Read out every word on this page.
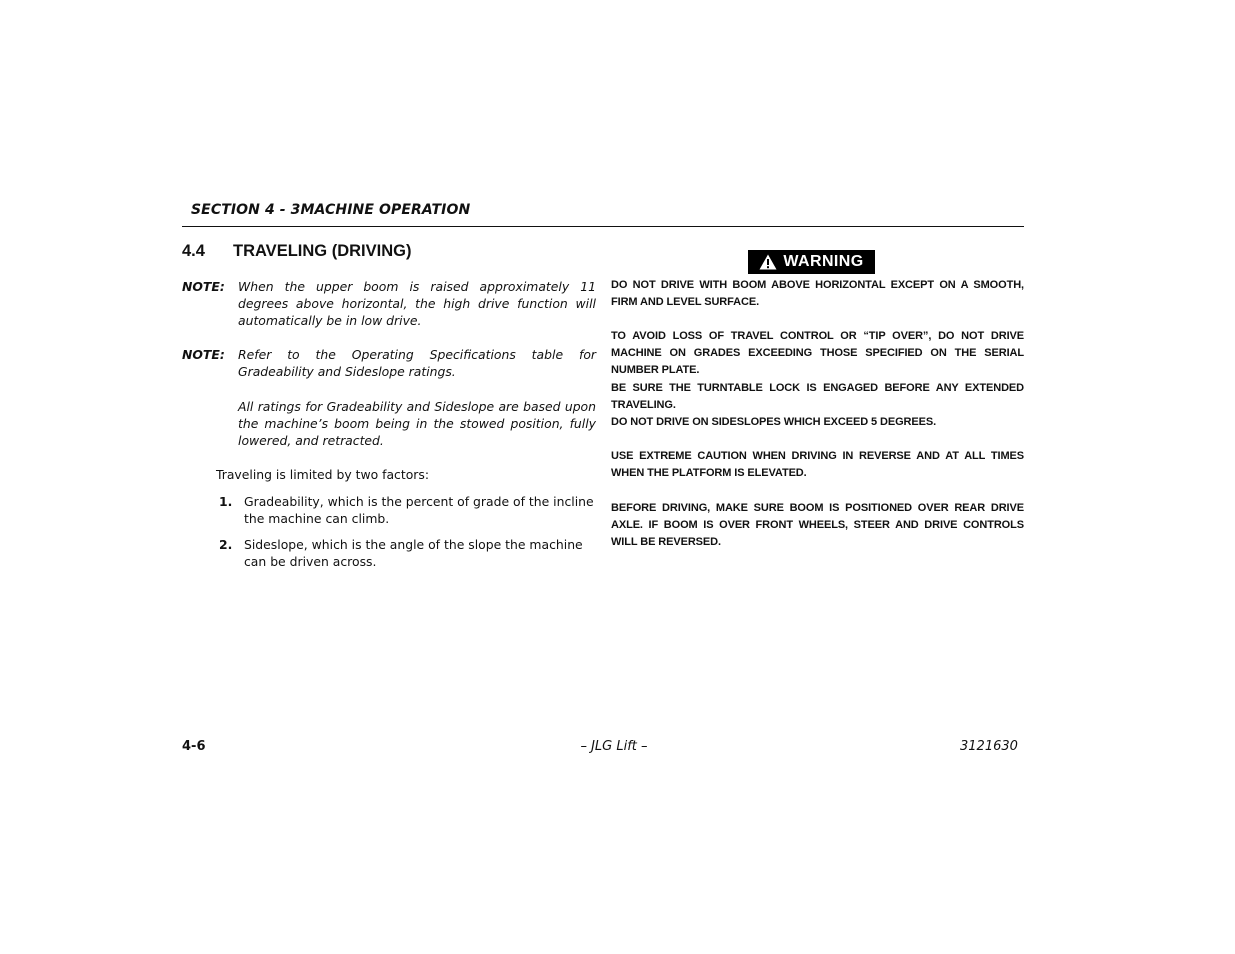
SECTION 4 - 3MACHINE OPERATION
4.4 TRAVELING (DRIVING)
NOTE: When the upper boom is raised approximately 11 degrees above horizontal, the high drive function will automatically be in low drive.
NOTE: Refer to the Operating Specifications table for Gradeability and Sideslope ratings.
All ratings for Gradeability and Sideslope are based upon the machine’s boom being in the stowed position, fully lowered, and retracted.
Traveling is limited by two factors:
1. Gradeability, which is the percent of grade of the incline the machine can climb.
2. Sideslope, which is the angle of the slope the machine can be driven across.
WARNING
DO NOT DRIVE WITH BOOM ABOVE HORIZONTAL EXCEPT ON A SMOOTH, FIRM AND LEVEL SURFACE.
TO AVOID LOSS OF TRAVEL CONTROL OR “TIP OVER”, DO NOT DRIVE MACHINE ON GRADES EXCEEDING THOSE SPECIFIED ON THE SERIAL NUMBER PLATE.
BE SURE THE TURNTABLE LOCK IS ENGAGED BEFORE ANY EXTENDED TRAVELING.
DO NOT DRIVE ON SIDESLOPES WHICH EXCEED 5 DEGREES.
USE EXTREME CAUTION WHEN DRIVING IN REVERSE AND AT ALL TIMES WHEN THE PLATFORM IS ELEVATED.
BEFORE DRIVING, MAKE SURE BOOM IS POSITIONED OVER REAR DRIVE AXLE. IF BOOM IS OVER FRONT WHEELS, STEER AND DRIVE CONTROLS WILL BE REVERSED.
4-6	– JLG Lift –	3121630
